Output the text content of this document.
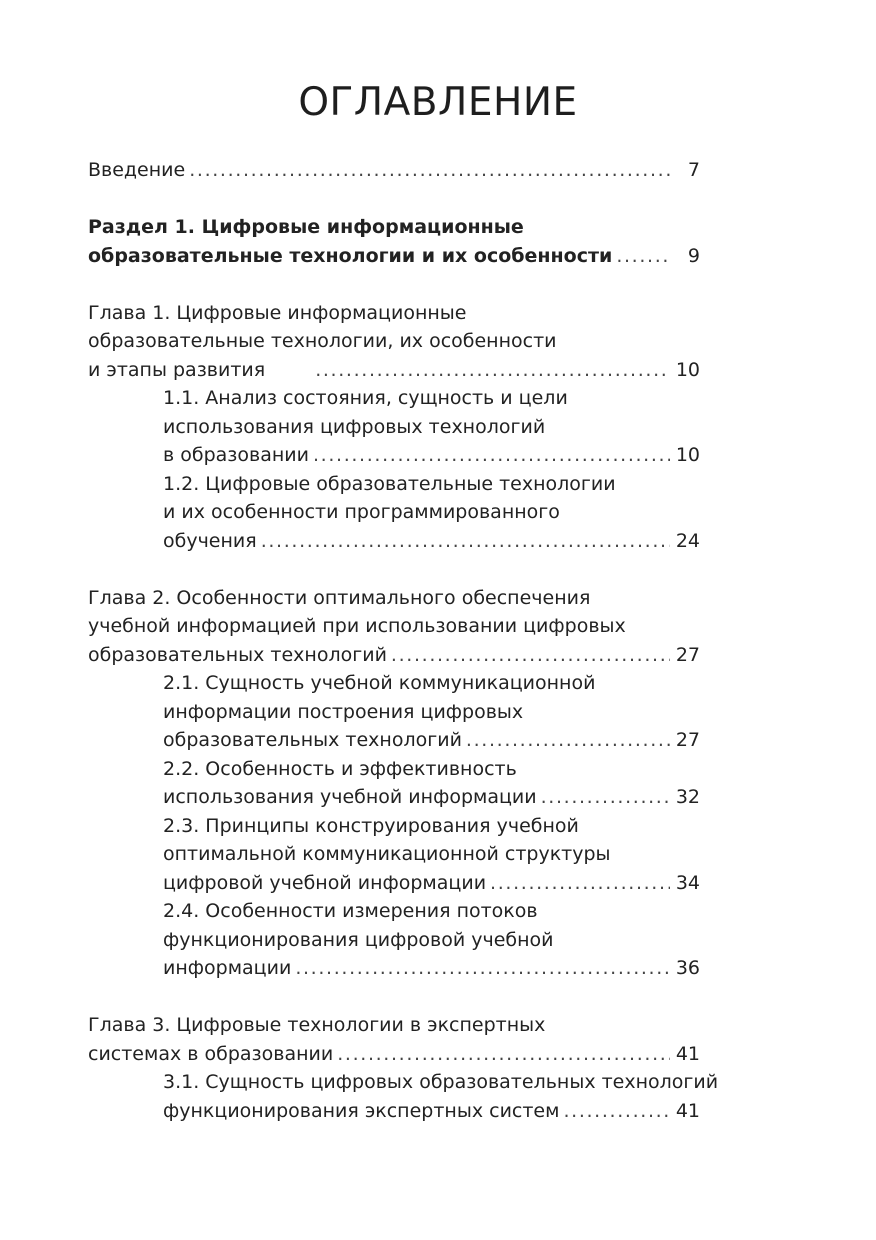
ОГЛАВЛЕНИЕ
Введение . . .	7
Раздел 1. Цифровые информационные
образовательные технологии и их особенности . . .	9
Глава 1. Цифровые информационные
образовательные технологии, их особенности
и этапы развития . . .	10
1.1. Анализ состояния, сущность и цели
использования цифровых технологий
в образовании . . .	10
1.2. Цифровые образовательные технологии
и их особенности программированного
обучения . . .	24
Глава 2. Особенности оптимального обеспечения
учебной информацией при использовании цифровых
образовательных технологий . . .	27
2.1. Сущность учебной коммуникационной
информации построения цифровых
образовательных технологий . . .	27
2.2. Особенность и эффективность
использования учебной информации . . .	32
2.3. Принципы конструирования учебной
оптимальной коммуникационной структуры
цифровой учебной информации . . .	34
2.4. Особенности измерения потоков
функционирования цифровой учебной
информации . . .	36
Глава 3. Цифровые технологии в экспертных
системах в образовании . . .	41
3.1. Сущность цифровых образовательных технологий
функционирования экспертных систем . . .	41
